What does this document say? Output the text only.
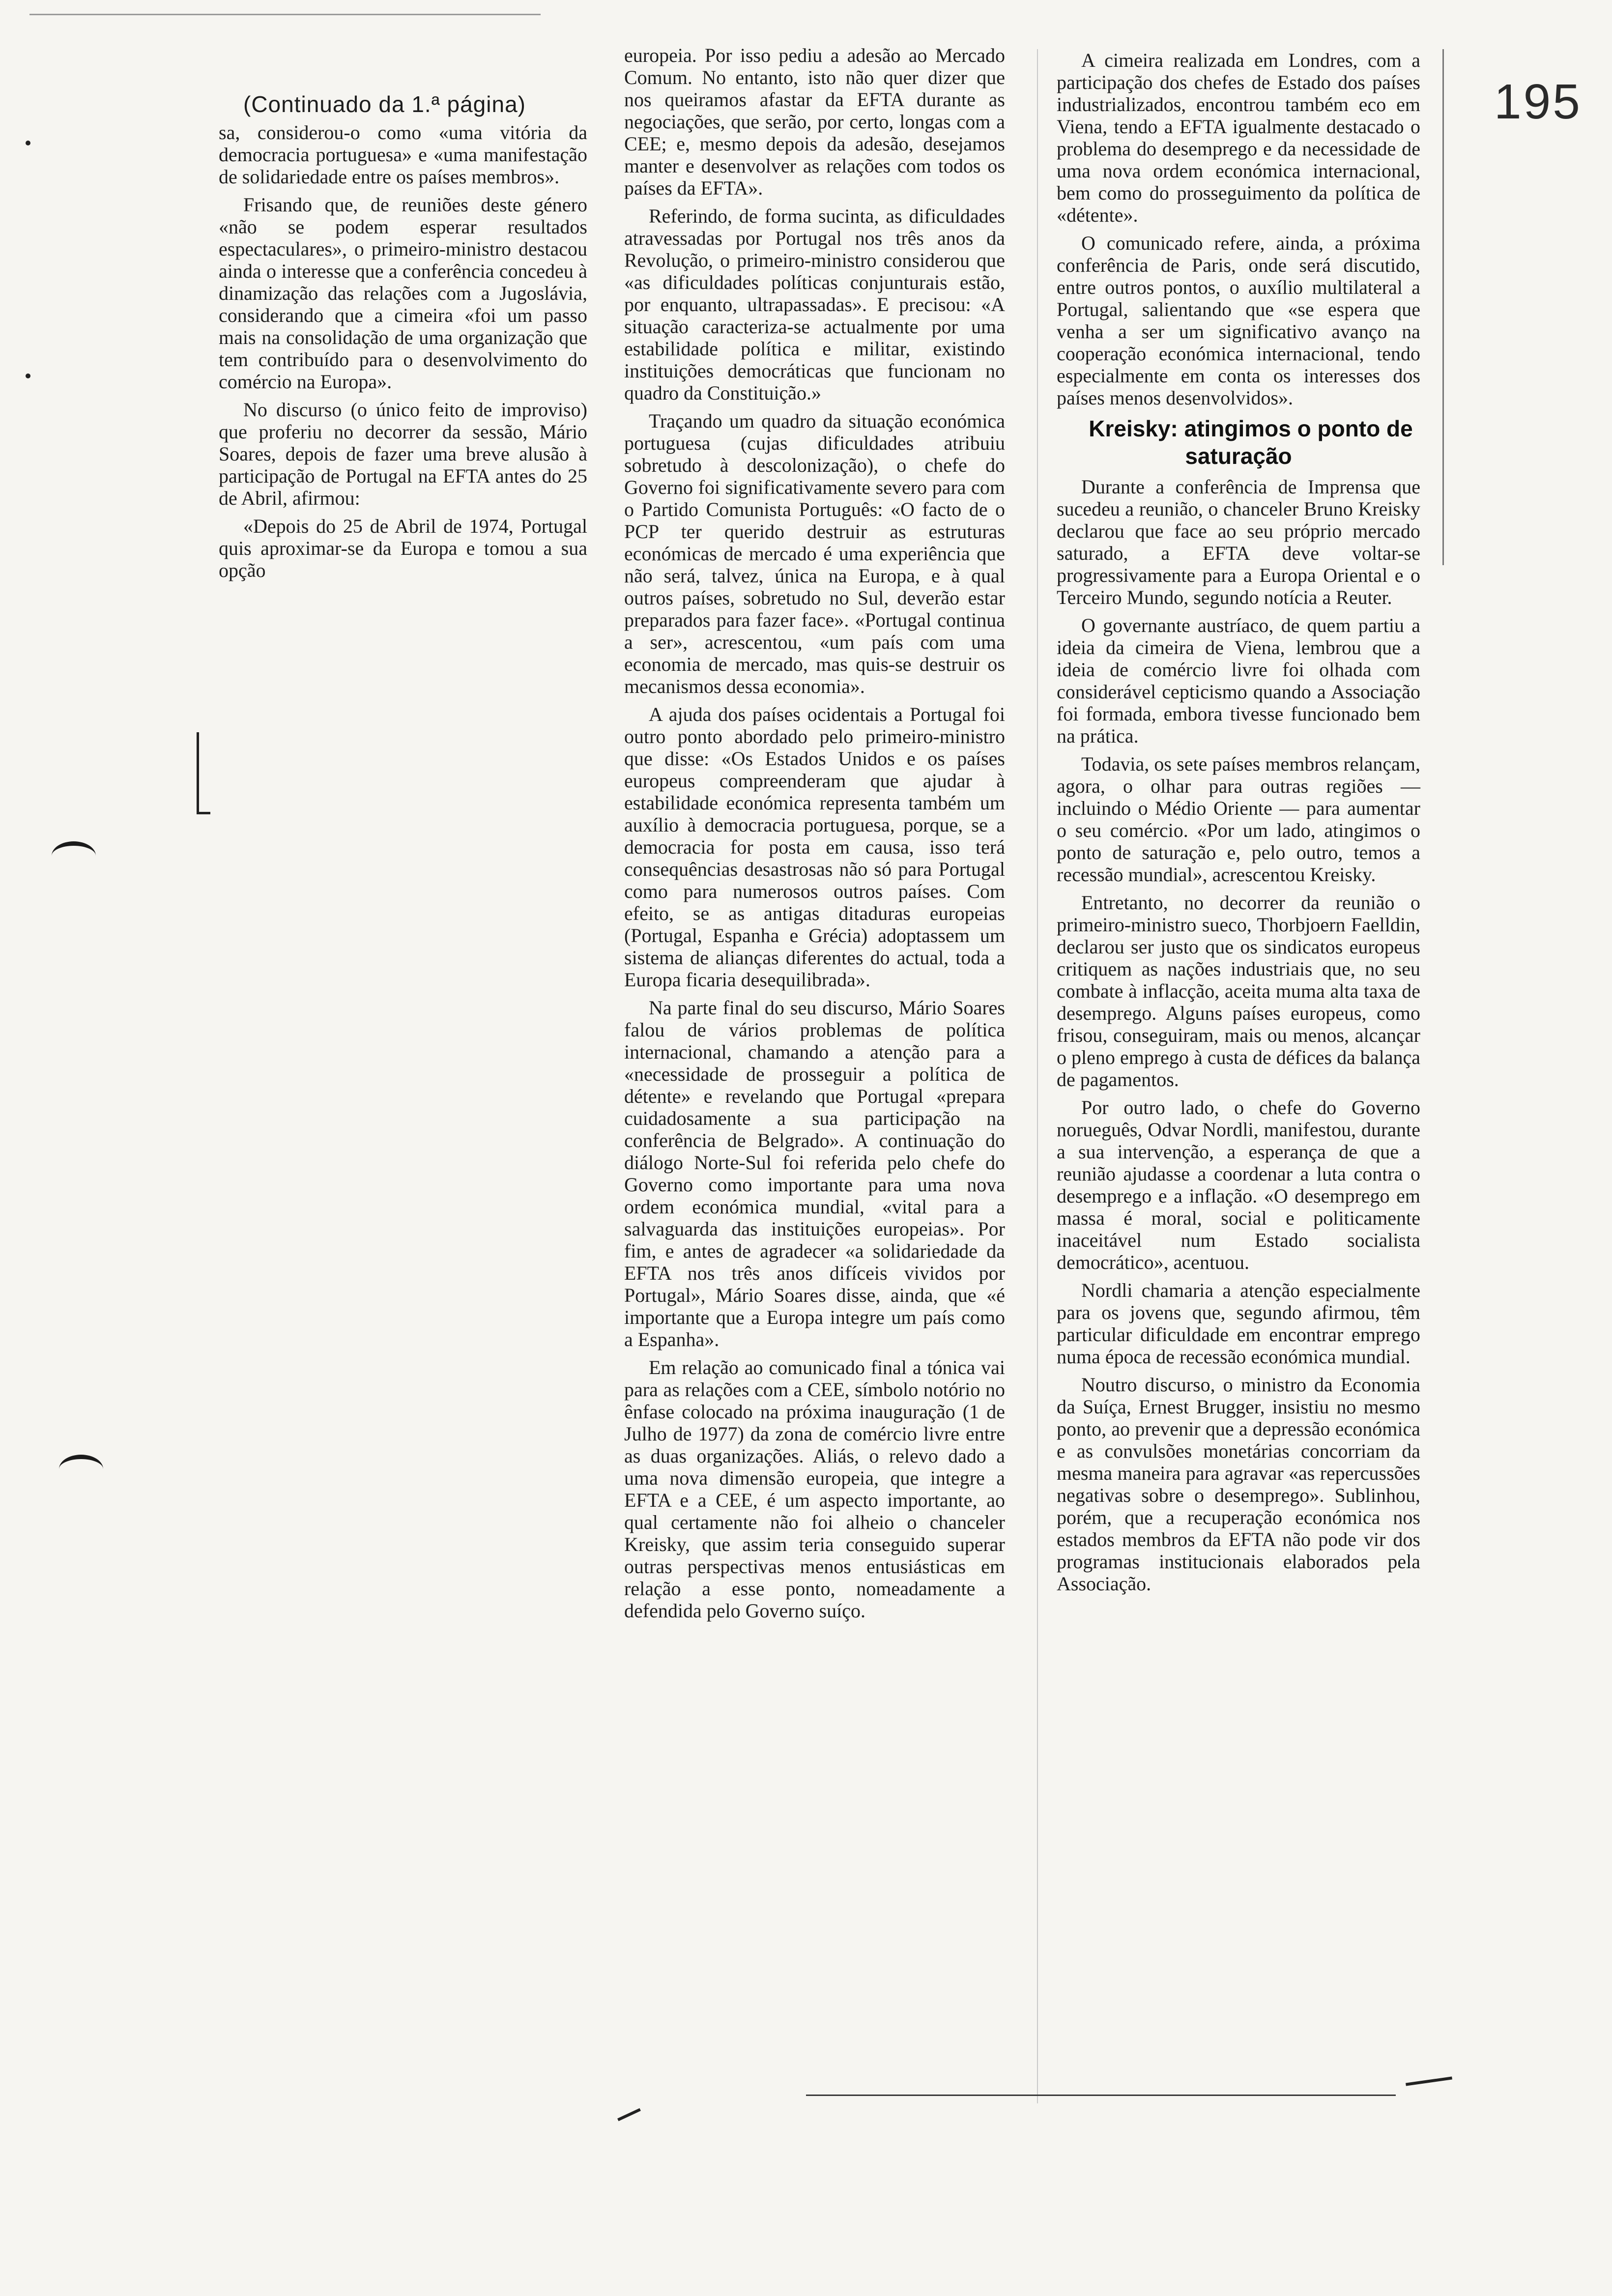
195

(Continuado da 1.ª página)

sa, considerou-o como «uma vitória da democracia portuguesa» e «uma manifestação de solidariedade entre os países membros».

Frisando que, de reuniões deste género «não se podem esperar resultados espectaculares», o primeiro-ministro destacou ainda o interesse que a conferência concedeu à dinamização das relações com a Jugoslávia, considerando que a cimeira «foi um passo mais na consolidação de uma organização que tem contribuído para o desenvolvimento do comércio na Europa».

No discurso (o único feito de improviso) que proferiu no decorrer da sessão, Mário Soares, depois de fazer uma breve alusão à participação de Portugal na EFTA antes do 25 de Abril, afirmou:

«Depois do 25 de Abril de 1974, Portugal quis aproximar-se da Europa e tomou a sua opção

europeia. Por isso pediu a adesão ao Mercado Comum. No entanto, isto não quer dizer que nos queiramos afastar da EFTA durante as negociações, que serão, por certo, longas com a CEE; e, mesmo depois da adesão, desejamos manter e desenvolver as relações com todos os países da EFTA».

Referindo, de forma sucinta, as dificuldades atravessadas por Portugal nos três anos da Revolução, o primeiro-ministro considerou que «as dificuldades políticas conjunturais estão, por enquanto, ultrapassadas». E precisou: «A situação caracteriza-se actualmente por uma estabilidade política e militar, existindo instituições democráticas que funcionam no quadro da Constituição.»

Traçando um quadro da situação económica portuguesa (cujas dificuldades atribuiu sobretudo à descolonização), o chefe do Governo foi significativamente severo para com o Partido Comunista Português: «O facto de o PCP ter querido destruir as estruturas económicas de mercado é uma experiência que não será, talvez, única na Europa, e à qual outros países, sobretudo no Sul, deverão estar preparados para fazer face». «Portugal continua a ser», acrescentou, «um país com uma economia de mercado, mas quis-se destruir os mecanismos dessa economia».

A ajuda dos países ocidentais a Portugal foi outro ponto abordado pelo primeiro-ministro que disse: «Os Estados Unidos e os países europeus compreenderam que ajudar à estabilidade económica representa também um auxílio à democracia portuguesa, porque, se a democracia for posta em causa, isso terá consequências desastrosas não só para Portugal como para numerosos outros países. Com efeito, se as antigas ditaduras europeias (Portugal, Espanha e Grécia) adoptassem um sistema de alianças diferentes do actual, toda a Europa ficaria desequilibrada».

Na parte final do seu discurso, Mário Soares falou de vários problemas de política internacional, chamando a atenção para a «necessidade de prosseguir a política de détente» e revelando que Portugal «prepara cuidadosamente a sua participação na conferência de Belgrado». A continuação do diálogo Norte-Sul foi referida pelo chefe do Governo como importante para uma nova ordem económica mundial, «vital para a salvaguarda das instituições europeias». Por fim, e antes de agradecer «a solidariedade da EFTA nos três anos difíceis vividos por Portugal», Mário Soares disse, ainda, que «é importante que a Europa integre um país como a Espanha».

Em relação ao comunicado final a tónica vai para as relações com a CEE, símbolo notório no ênfase colocado na próxima inauguração (1 de Julho de 1977) da zona de comércio livre entre as duas organizações. Aliás, o relevo dado a uma nova dimensão europeia, que integre a EFTA e a CEE, é um aspecto importante, ao qual certamente não foi alheio o chanceler Kreisky, que assim teria conseguido superar outras perspectivas menos entusiásticas em relação a esse ponto, nomeadamente a defendida pelo Governo suíço.

A cimeira realizada em Londres, com a participação dos chefes de Estado dos países industrializados, encontrou também eco em Viena, tendo a EFTA igualmente destacado o problema do desemprego e da necessidade de uma nova ordem económica internacional, bem como do prosseguimento da política de «détente».

O comunicado refere, ainda, a próxima conferência de Paris, onde será discutido, entre outros pontos, o auxílio multilateral a Portugal, salientando que «se espera que venha a ser um significativo avanço na cooperação económica internacional, tendo especialmente em conta os interesses dos países menos desenvolvidos».

Kreisky: atingimos o ponto de saturação

Durante a conferência de Imprensa que sucedeu a reunião, o chanceler Bruno Kreisky declarou que face ao seu próprio mercado saturado, a EFTA deve voltar-se progressivamente para a Europa Oriental e o Terceiro Mundo, segundo notícia a Reuter.

O governante austríaco, de quem partiu a ideia da cimeira de Viena, lembrou que a ideia de comércio livre foi olhada com considerável cepticismo quando a Associação foi formada, embora tivesse funcionado bem na prática.

Todavia, os sete países membros relançam, agora, o olhar para outras regiões — incluindo o Médio Oriente — para aumentar o seu comércio. «Por um lado, atingimos o ponto de saturação e, pelo outro, temos a recessão mundial», acrescentou Kreisky.

Entretanto, no decorrer da reunião o primeiro-ministro sueco, Thorbjoern Faelldin, declarou ser justo que os sindicatos europeus critiquem as nações industriais que, no seu combate à inflacção, aceita muma alta taxa de desemprego. Alguns países europeus, como frisou, conseguiram, mais ou menos, alcançar o pleno emprego à custa de défices da balança de pagamentos.

Por outro lado, o chefe do Governo norueguês, Odvar Nordli, manifestou, durante a sua intervenção, a esperança de que a reunião ajudasse a coordenar a luta contra o desemprego e a inflação. «O desemprego em massa é moral, social e politicamente inaceitável num Estado socialista democrático», acentuou.

Nordli chamaria a atenção especialmente para os jovens que, segundo afirmou, têm particular dificuldade em encontrar emprego numa época de recessão económica mundial.

Noutro discurso, o ministro da Economia da Suíça, Ernest Brugger, insistiu no mesmo ponto, ao prevenir que a depressão económica e as convulsões monetárias concorriam da mesma maneira para agravar «as repercussões negativas sobre o desemprego». Sublinhou, porém, que a recuperação económica nos estados membros da EFTA não pode vir dos programas institucionais elaborados pela Associação.
